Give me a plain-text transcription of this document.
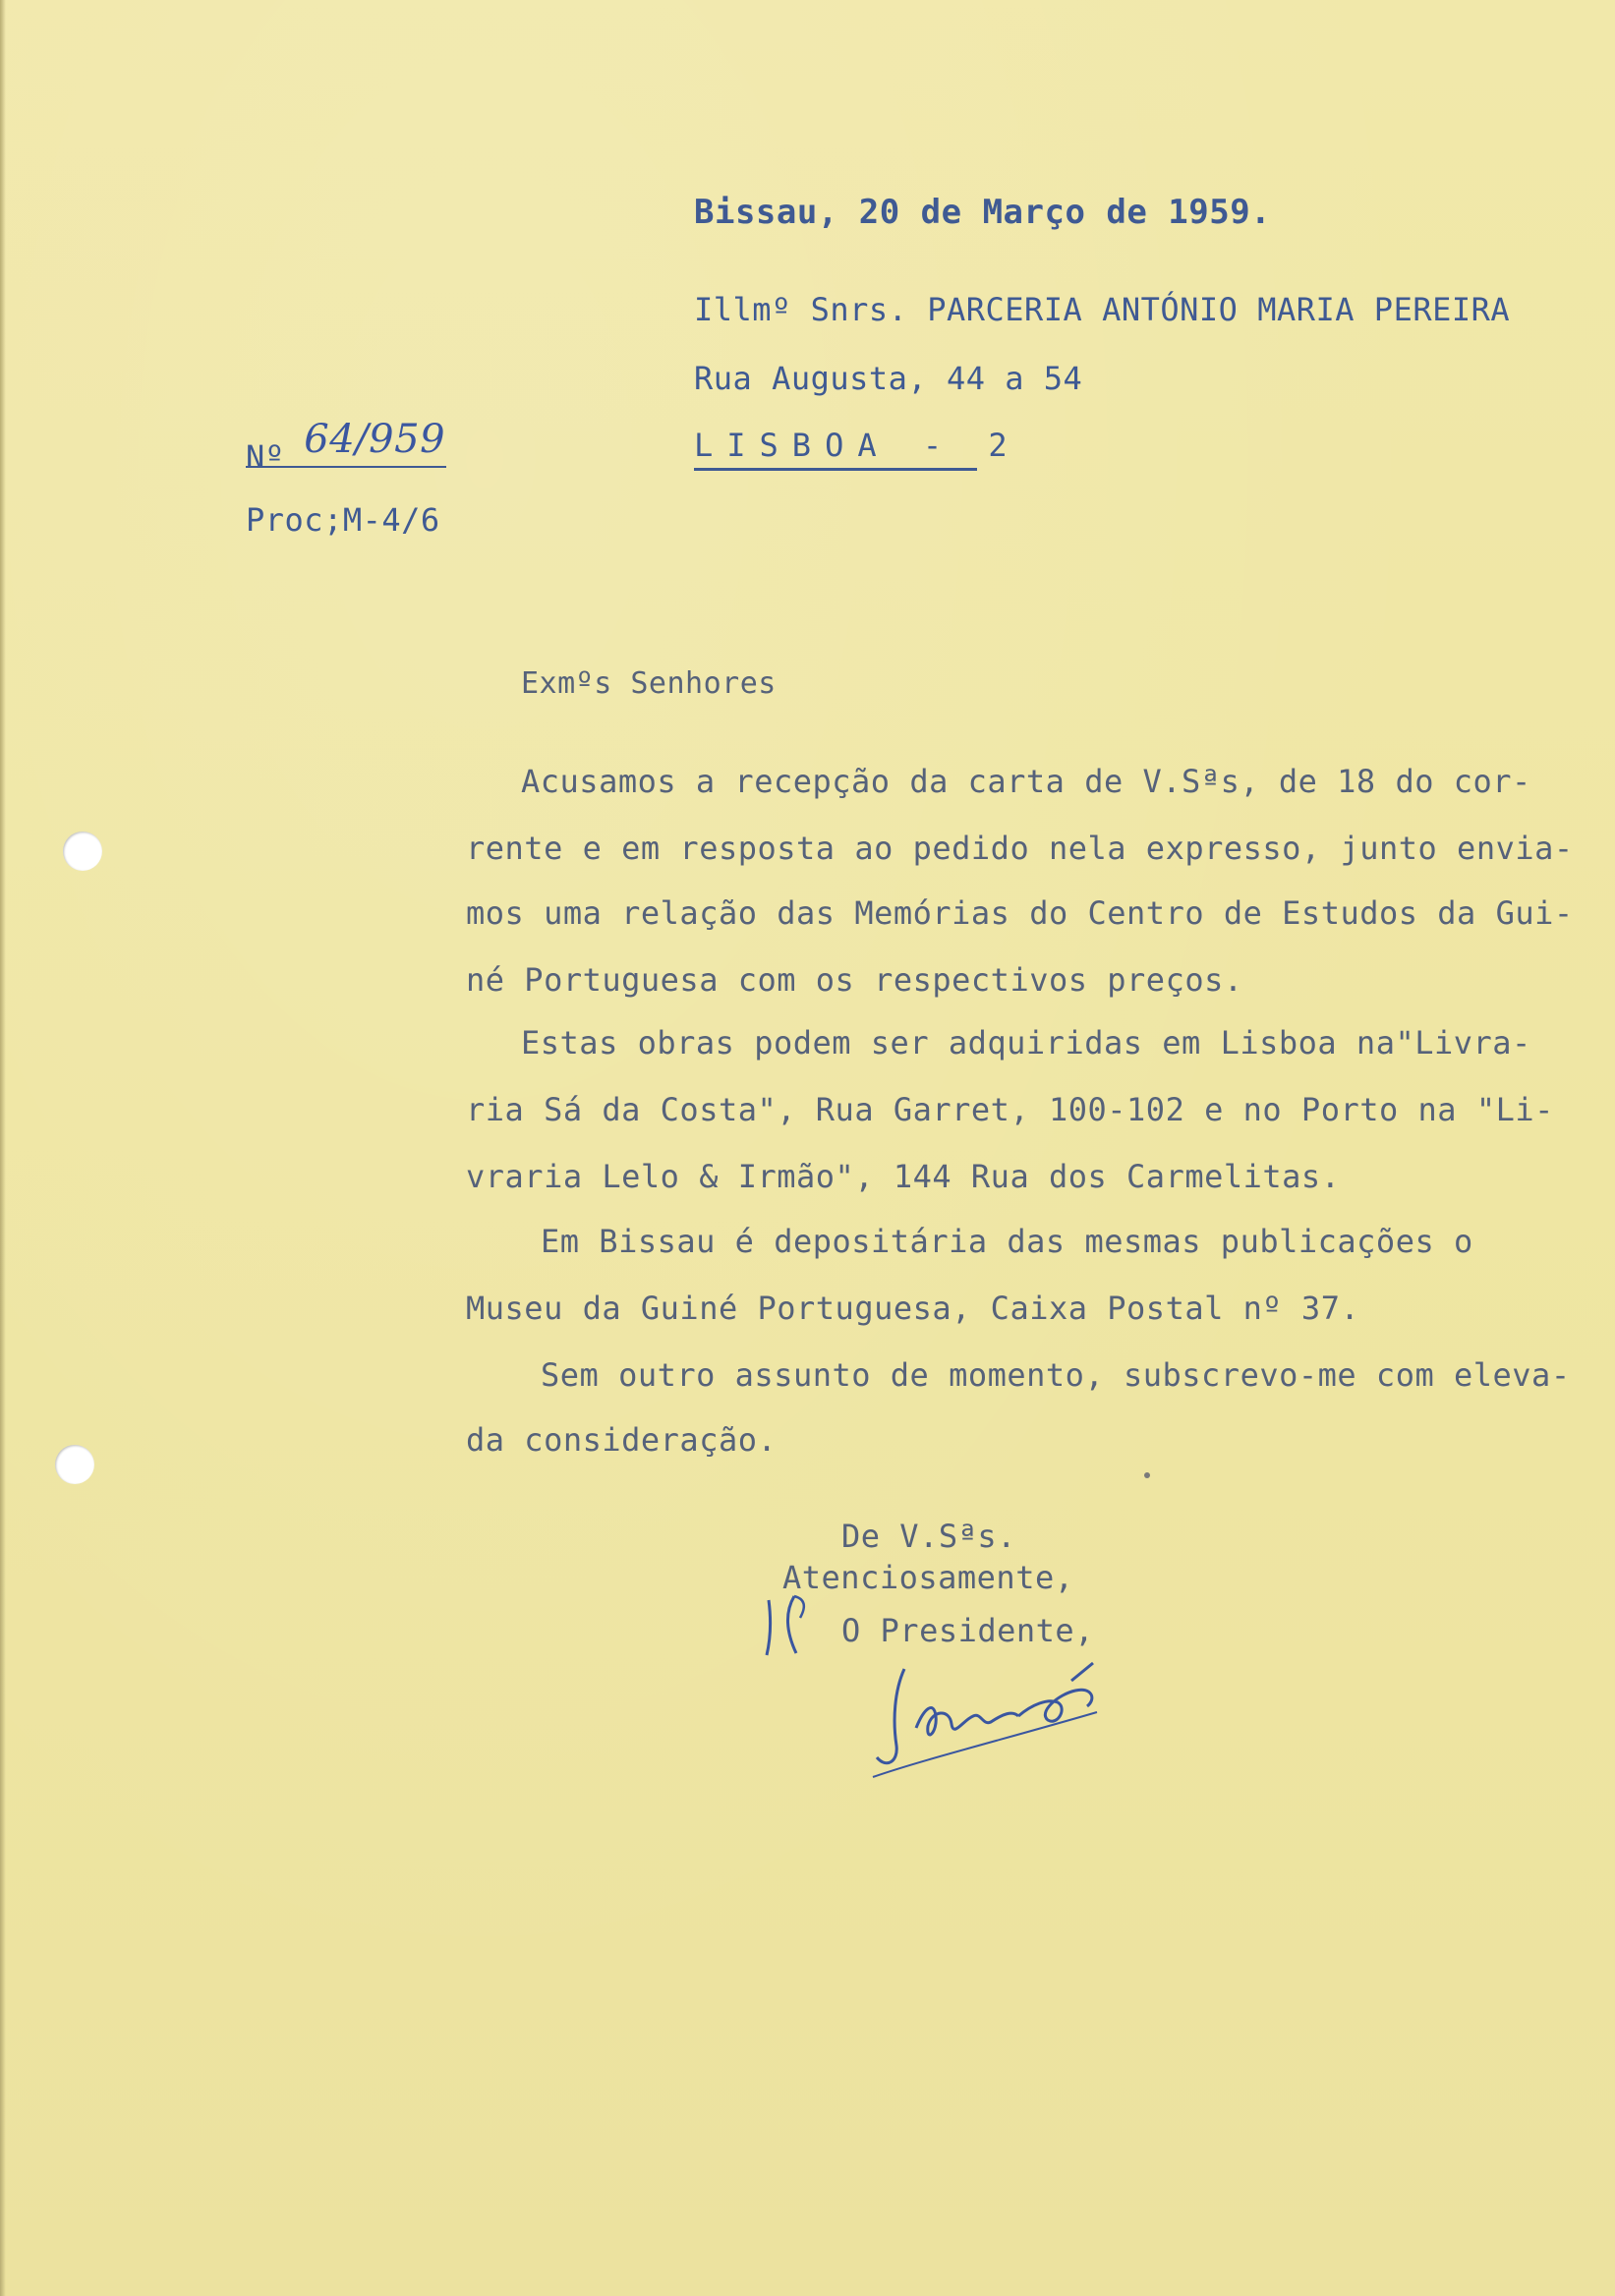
Bissau, 20 de Março de 1959.
Illmº Snrs. PARCERIA ANTÓNIO MARIA PEREIRA
Rua Augusta, 44 a 54
LISBOA - 2
Nº 64/959
Proc;M-4/6
Exmºs Senhores
Acusamos a recepção da carta de V.Sªs, de 18 do cor-
rente e em resposta ao pedido nela expresso, junto envia-
mos uma relação das Memórias do Centro de Estudos da Gui-
né Portuguesa com os respectivos preços.
Estas obras podem ser adquiridas em Lisboa na"Livra-
ria Sá da Costa", Rua Garret, 100-102 e no Porto na "Li-
vraria Lelo & Irmão", 144 Rua dos Carmelitas.
Em Bissau é depositária das mesmas publicações o
Museu da Guiné Portuguesa, Caixa Postal nº 37.
Sem outro assunto de momento, subscrevo-me com eleva-
da consideração.
De V.Sªs.
Atenciosamente,
O Presidente,
